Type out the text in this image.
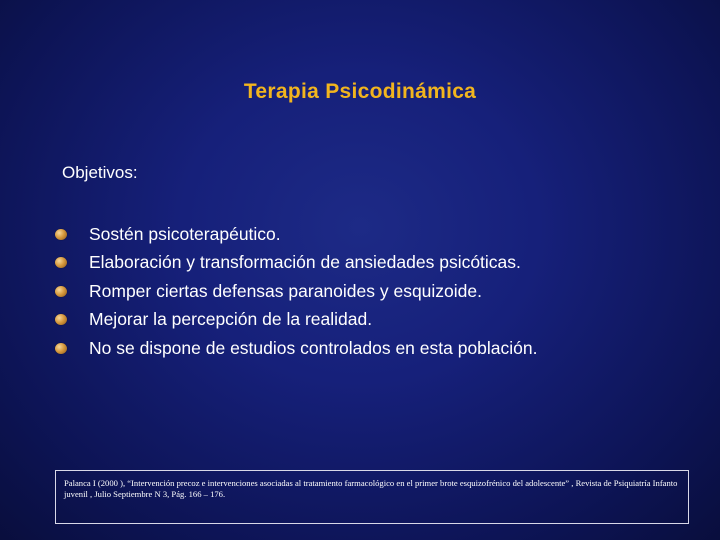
Terapia Psicodinámica
Objetivos:
Sostén psicoterapéutico.
Elaboración y transformación de ansiedades psicóticas.
Romper ciertas defensas paranoides y esquizoide.
Mejorar la percepción de la realidad.
No se dispone de estudios controlados en esta población.

Palanca I (2000 ), “Intervención precoz e intervenciones asociadas al tratamiento farmacológico en el primer brote esquizofrénico del adolescente” , Revista de Psiquiatría Infanto juvenil , Julio Septiembre N 3, Pág. 166 – 176.
